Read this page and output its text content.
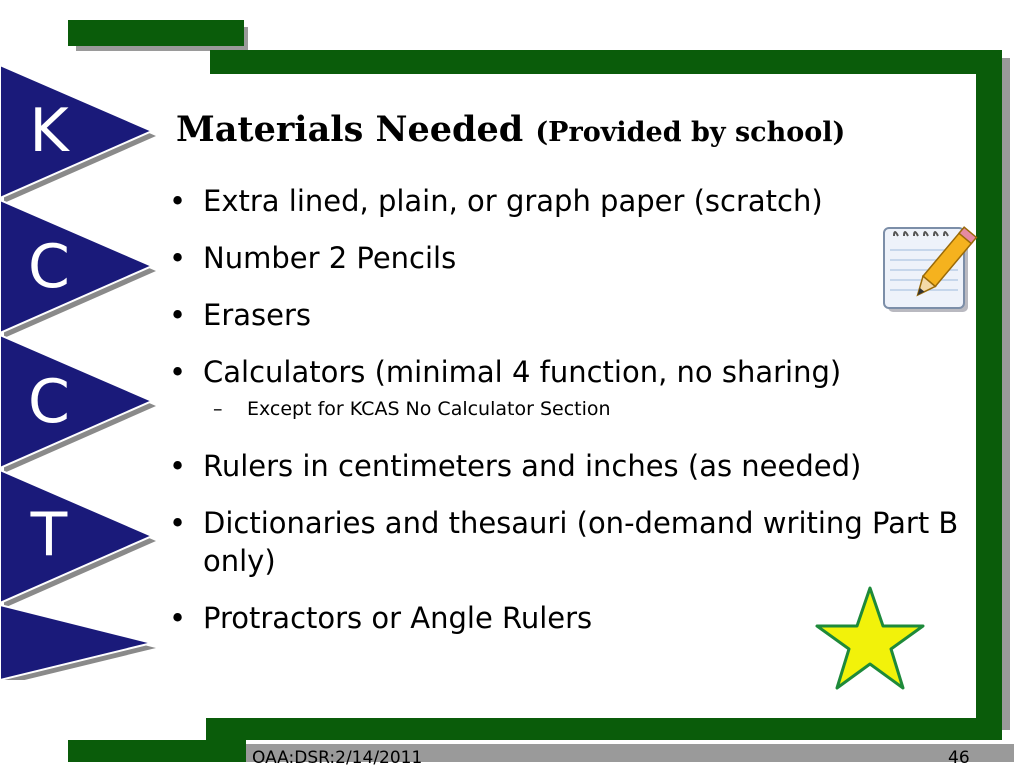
K
C
C
T
Materials Needed (Provided by school)
• Extra lined, plain, or graph paper (scratch)
• Number 2 Pencils
• Erasers
• Calculators (minimal 4 function, no sharing)
– Except for KCAS No Calculator Section
• Rulers in centimeters and inches (as needed)
• Dictionaries and thesauri (on-demand writing Part B only)
• Protractors or Angle Rulers
OAA:DSR:2/14/2011	46
